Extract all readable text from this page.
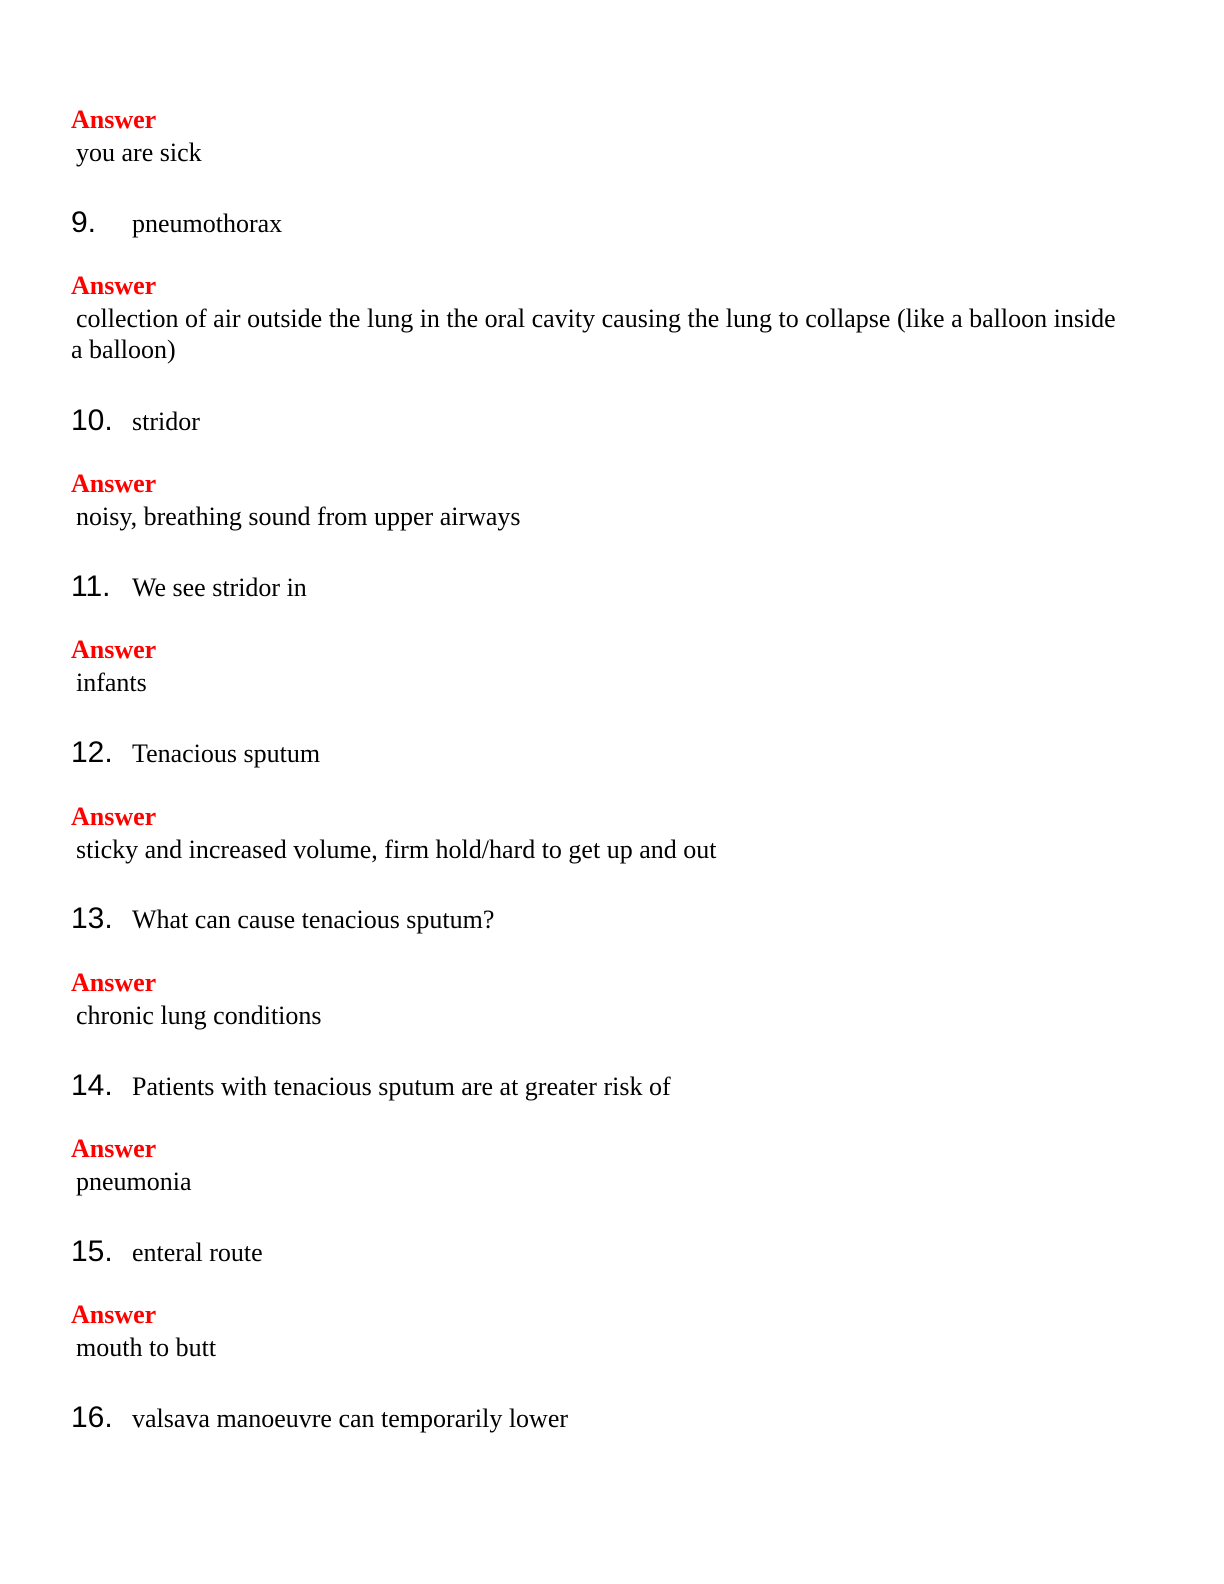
Answer
you are sick
9.	pneumothorax
Answer
collection of air outside the lung in the oral cavity causing the lung to collapse (like a balloon inside a balloon)
10. stridor
Answer
noisy, breathing sound from upper airways
11. We see stridor in
Answer
infants
12. Tenacious sputum
Answer
sticky and increased volume, firm hold/hard to get up and out
13. What can cause tenacious sputum?
Answer
chronic lung conditions
14. Patients with tenacious sputum are at greater risk of
Answer
pneumonia
15. enteral route
Answer
mouth to butt
16. valsava manoeuvre can temporarily lower
